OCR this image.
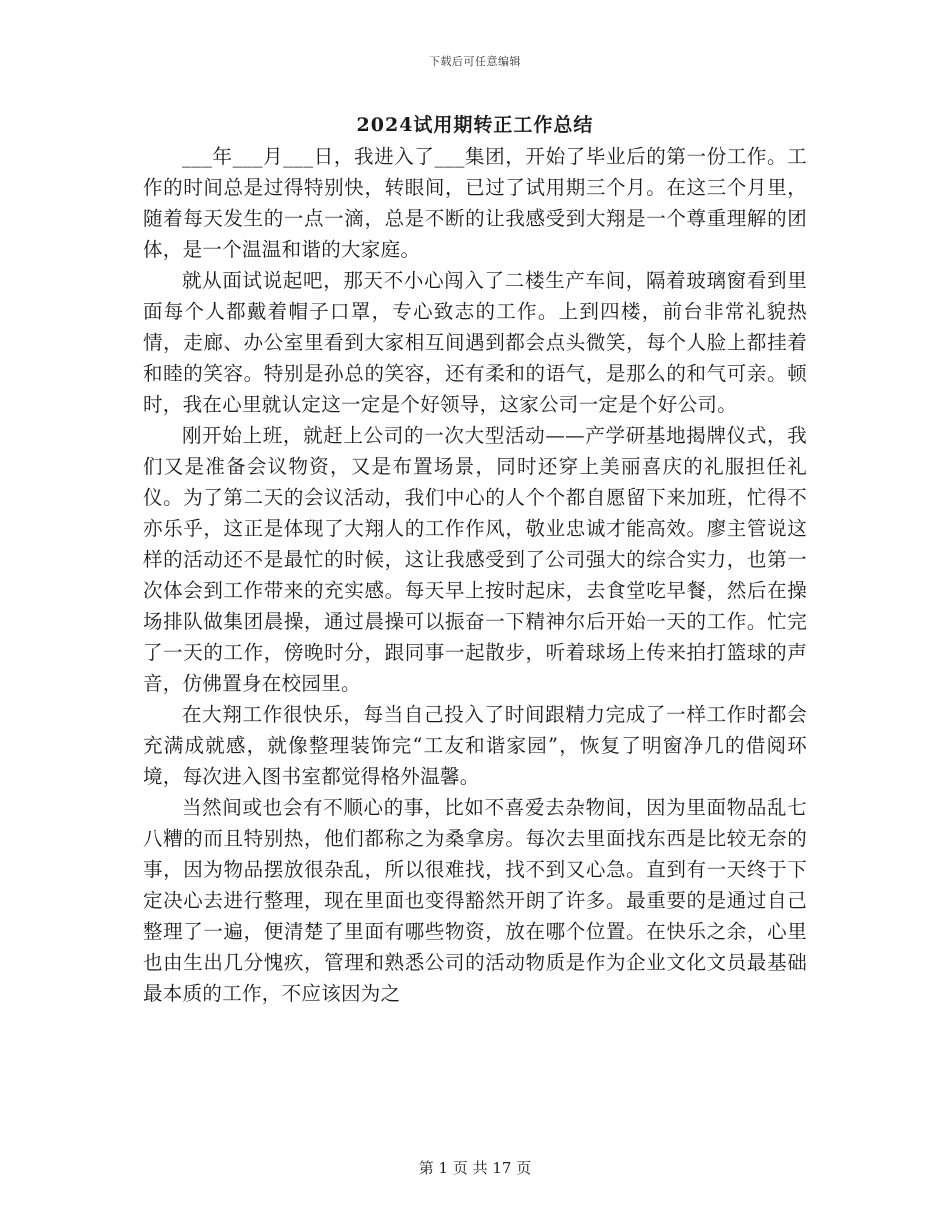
下载后可任意编辑
2024试用期转正工作总结

___年___月___日，我进入了___集团，开始了毕业后的第一份工作。工作的时间总是过得特别快，转眼间，已过了试用期三个月。在这三个月里，随着每天发生的一点一滴，总是不断的让我感受到大翔是一个尊重理解的团体，是一个温温和谐的大家庭。

就从面试说起吧，那天不小心闯入了二楼生产车间，隔着玻璃窗看到里面每个人都戴着帽子口罩，专心致志的工作。上到四楼，前台非常礼貌热情，走廊、办公室里看到大家相互间遇到都会点头微笑，每个人脸上都挂着和睦的笑容。特别是孙总的笑容，还有柔和的语气，是那么的和气可亲。顿时，我在心里就认定这一定是个好领导，这家公司一定是个好公司。

刚开始上班，就赶上公司的一次大型活动——产学研基地揭牌仪式，我们又是准备会议物资，又是布置场景，同时还穿上美丽喜庆的礼服担任礼仪。为了第二天的会议活动，我们中心的人个个都自愿留下来加班，忙得不亦乐乎，这正是体现了大翔人的工作作风，敬业忠诚才能高效。廖主管说这样的活动还不是最忙的时候，这让我感受到了公司强大的综合实力，也第一次体会到工作带来的充实感。每天早上按时起床，去食堂吃早餐，然后在操场排队做集团晨操，通过晨操可以振奋一下精神尔后开始一天的工作。忙完了一天的工作，傍晚时分，跟同事一起散步，听着球场上传来拍打篮球的声音，仿佛置身在校园里。

在大翔工作很快乐，每当自己投入了时间跟精力完成了一样工作时都会充满成就感，就像整理装饰完“工友和谐家园”，恢复了明窗净几的借阅环境，每次进入图书室都觉得格外温馨。

当然间或也会有不顺心的事，比如不喜爱去杂物间，因为里面物品乱七八糟的而且特别热，他们都称之为桑拿房。每次去里面找东西是比较无奈的事，因为物品摆放很杂乱，所以很难找，找不到又心急。直到有一天终于下定决心去进行整理，现在里面也变得豁然开朗了许多。最重要的是通过自己整理了一遍，便清楚了里面有哪些物资，放在哪个位置。在快乐之余，心里也由生出几分愧疚，管理和熟悉公司的活动物质是作为企业文化文员最基础最本质的工作，不应该因为之

第 1 页 共 17 页
